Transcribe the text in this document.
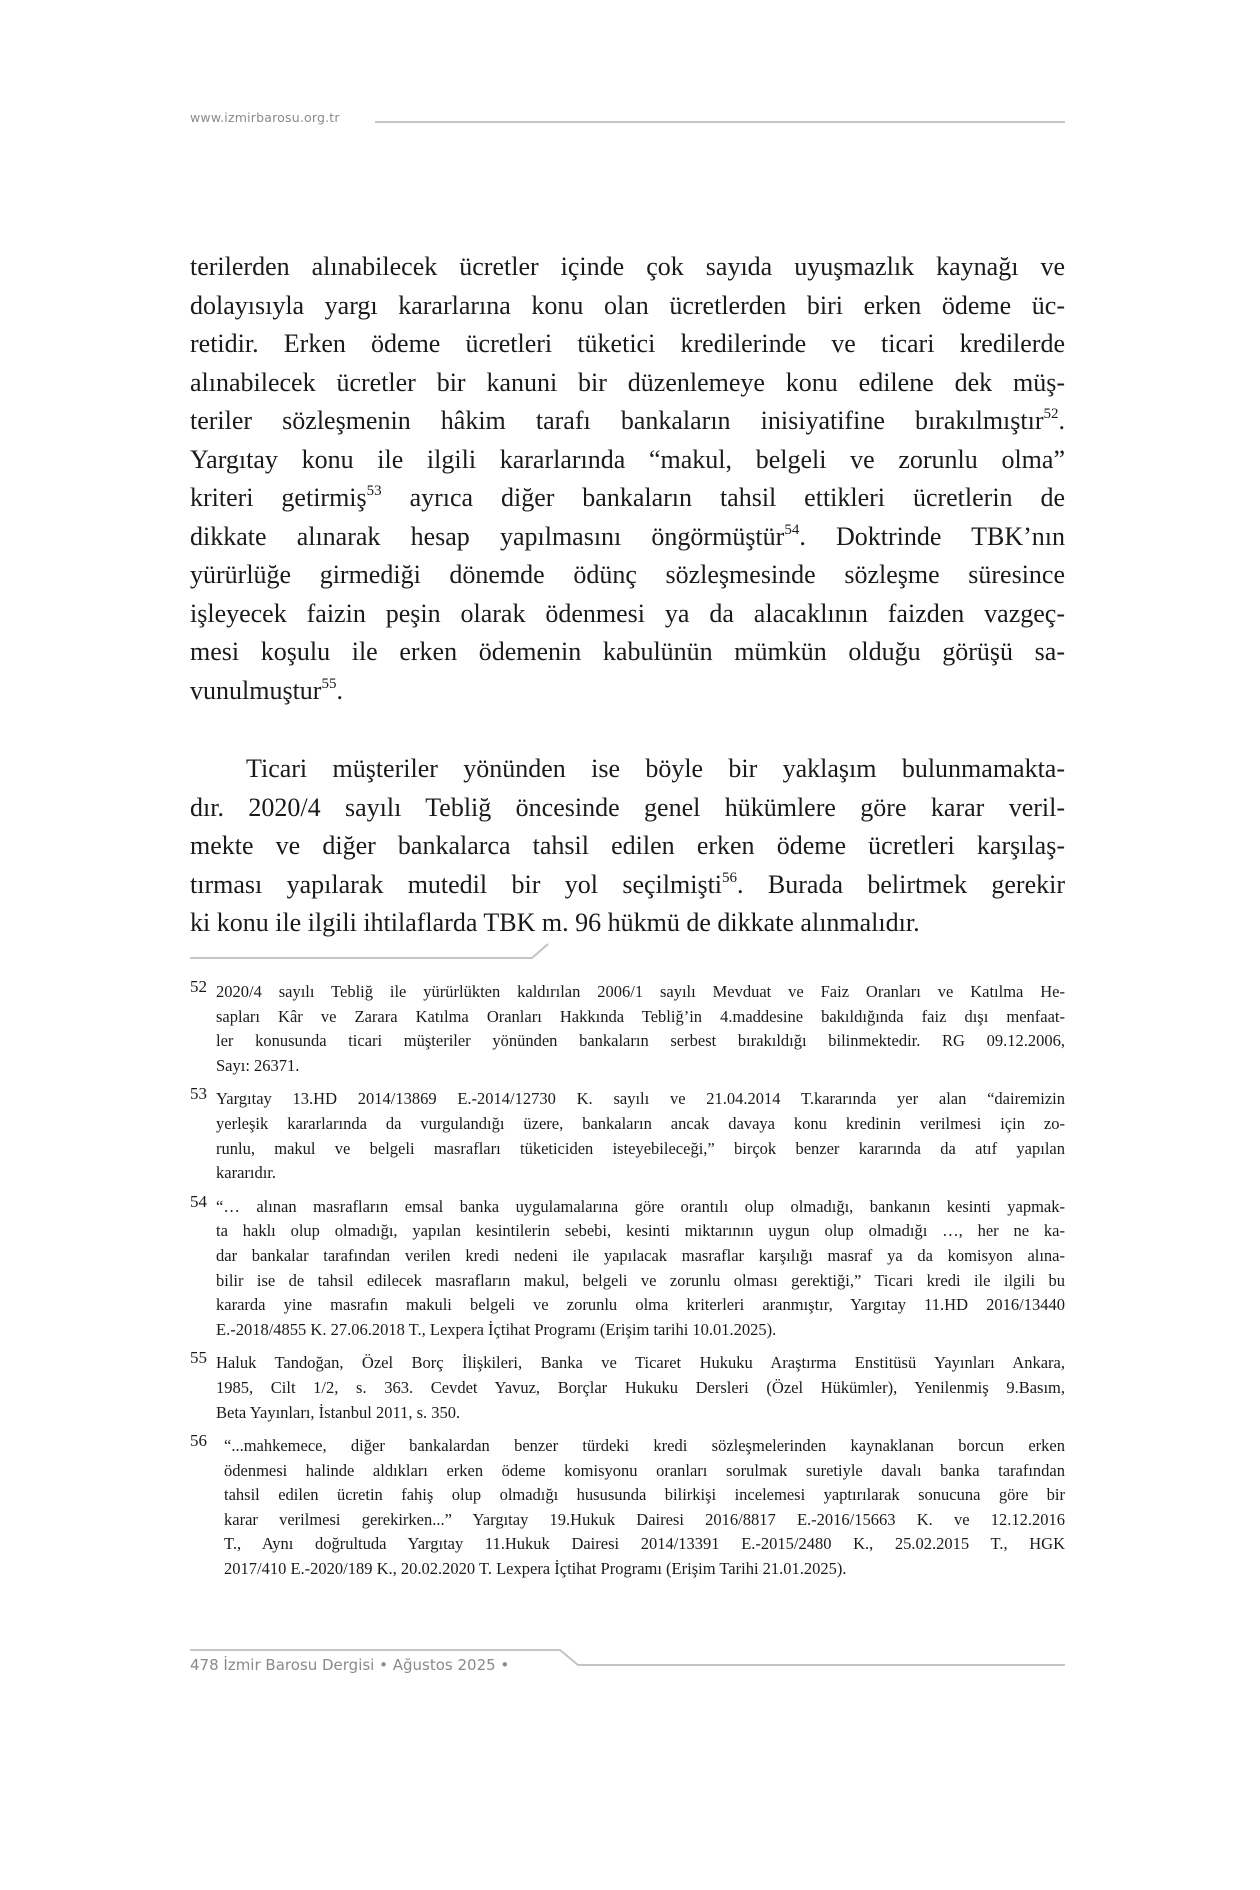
www.izmirbarosu.org.tr
terilerden alınabilecek ücretler içinde çok sayıda uyuşmazlık kaynağı ve
dolayısıyla yargı kararlarına konu olan ücretlerden biri erken ödeme üc-
retidir. Erken ödeme ücretleri tüketici kredilerinde ve ticari kredilerde
alınabilecek ücretler bir kanuni bir düzenlemeye konu edilene dek müş-
teriler sözleşmenin hâkim tarafı bankaların inisiyatifine bırakılmıştır$^{52}$.
Yargıtay konu ile ilgili kararlarında “makul, belgeli ve zorunlu olma”
kriteri getirmiş$^{53}$ ayrıca diğer bankaların tahsil ettikleri ücretlerin de
dikkate alınarak hesap yapılmasını öngörmüştür$^{54}$. Doktrinde TBK’nın
yürürlüğe girmediği dönemde ödünç sözleşmesinde sözleşme süresince
işleyecek faizin peşin olarak ödenmesi ya da alacaklının faizden vazgeç-
mesi koşulu ile erken ödemenin kabulünün mümkün olduğu görüşü sa-
vunulmuştur$^{55}$.
Ticari müşteriler yönünden ise böyle bir yaklaşım bulunmamakta-
dır. 2020/4 sayılı Tebliğ öncesinde genel hükümlere göre karar veril-
mekte ve diğer bankalarca tahsil edilen erken ödeme ücretleri karşılaş-
tırması yapılarak mutedil bir yol seçilmişti$^{56}$. Burada belirtmek gerekir
ki konu ile ilgili ihtilaflarda TBK m. 96 hükmü de dikkate alınmalıdır.
52 2020/4 sayılı Tebliğ ile yürürlükten kaldırılan 2006/1 sayılı Mevduat ve Faiz Oranları ve Katılma He-
sapları Kâr ve Zarara Katılma Oranları Hakkında Tebliğ’in 4.maddesine bakıldığında faiz dışı menfaat-
ler konusunda ticari müşteriler yönünden bankaların serbest bırakıldığı bilinmektedir. RG 09.12.2006,
Sayı: 26371.
53 Yargıtay 13.HD 2014/13869 E.-2014/12730 K. sayılı ve 21.04.2014 T.kararında yer alan “dairemizin
yerleşik kararlarında da vurgulandığı üzere, bankaların ancak davaya konu kredinin verilmesi için zo-
runlu, makul ve belgeli masrafları tüketiciden isteyebileceği,” birçok benzer kararında da atıf yapılan
kararıdır.
54 “… alınan masrafların emsal banka uygulamalarına göre orantılı olup olmadığı, bankanın kesinti yapmak-
ta haklı olup olmadığı, yapılan kesintilerin sebebi, kesinti miktarının uygun olup olmadığı …, her ne ka-
dar bankalar tarafından verilen kredi nedeni ile yapılacak masraflar karşılığı masraf ya da komisyon alına-
bilir ise de tahsil edilecek masrafların makul, belgeli ve zorunlu olması gerektiği,” Ticari kredi ile ilgili bu
kararda yine masrafın makuli belgeli ve zorunlu olma kriterleri aranmıştır, Yargıtay 11.HD 2016/13440
E.-2018/4855 K. 27.06.2018 T., Lexpera İçtihat Programı (Erişim tarihi 10.01.2025).
55 Haluk Tandoğan, Özel Borç İlişkileri, Banka ve Ticaret Hukuku Araştırma Enstitüsü Yayınları Ankara,
1985, Cilt 1/2, s. 363. Cevdet Yavuz, Borçlar Hukuku Dersleri (Özel Hükümler), Yenilenmiş 9.Basım,
Beta Yayınları, İstanbul 2011, s. 350.
56 “...mahkemece, diğer bankalardan benzer türdeki kredi sözleşmelerinden kaynaklanan borcun erken
ödenmesi halinde aldıkları erken ödeme komisyonu oranları sorulmak suretiyle davalı banka tarafından
tahsil edilen ücretin fahiş olup olmadığı hususunda bilirkişi incelemesi yaptırılarak sonucuna göre bir
karar verilmesi gerekirken...” Yargıtay 19.Hukuk Dairesi 2016/8817 E.-2016/15663 K. ve 12.12.2016
T., Aynı doğrultuda Yargıtay 11.Hukuk Dairesi 2014/13391 E.-2015/2480 K., 25.02.2015 T., HGK
2017/410 E.-2020/189 K., 20.02.2020 T. Lexpera İçtihat Programı (Erişim Tarihi 21.01.2025).
478 İzmir Barosu Dergisi • Ağustos 2025 •
